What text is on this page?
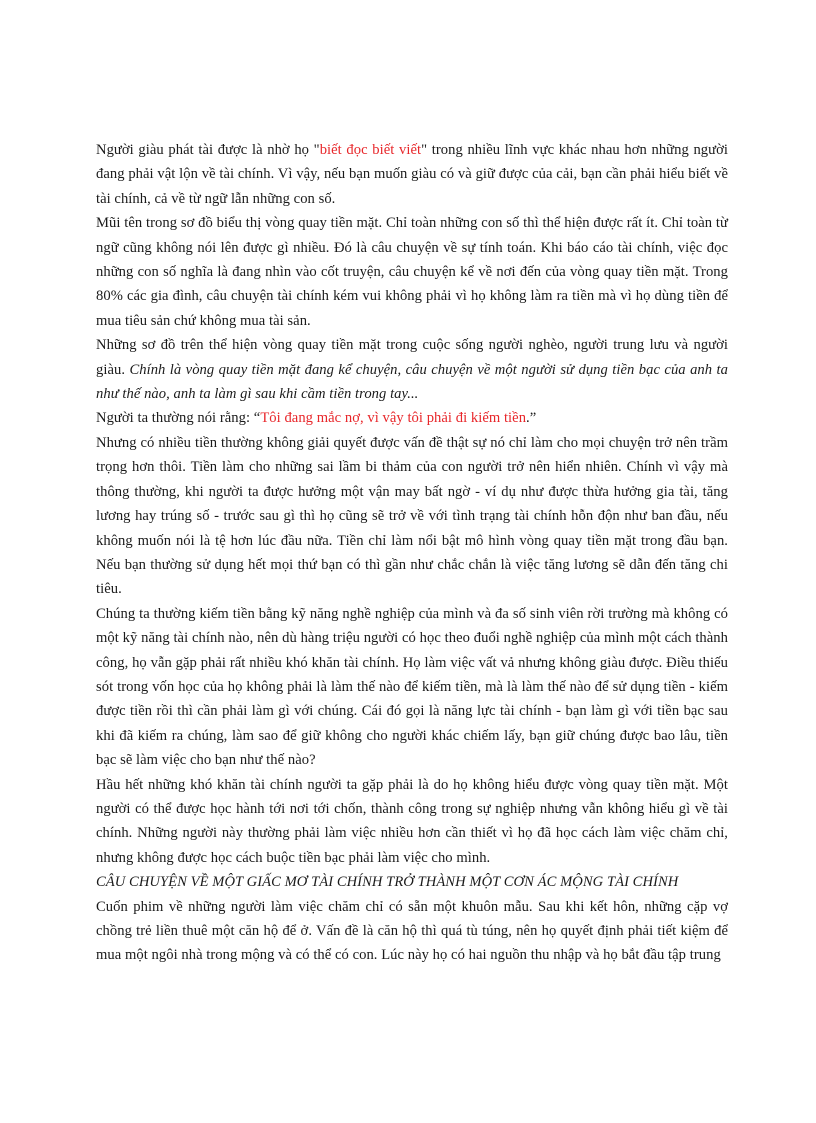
Người giàu phát tài được là nhờ họ "biết đọc biết viết" trong nhiều lĩnh vực khác nhau hơn những người đang phải vật lộn về tài chính. Vì vậy, nếu bạn muốn giàu có và giữ được của cải, bạn cần phải hiểu biết về tài chính, cả về từ ngữ lẫn những con số.

Mũi tên trong sơ đồ biểu thị vòng quay tiền mặt. Chỉ toàn những con số thì thể hiện được rất ít. Chỉ toàn từ ngữ cũng không nói lên được gì nhiều. Đó là câu chuyện về sự tính toán. Khi báo cáo tài chính, việc đọc những con số nghĩa là đang nhìn vào cốt truyện, câu chuyện kể về nơi đến của vòng quay tiền mặt. Trong 80% các gia đình, câu chuyện tài chính kém vui không phải vì họ không làm ra tiền mà vì họ dùng tiền để mua tiêu sản chứ không mua tài sản.

Những sơ đồ trên thể hiện vòng quay tiền mặt trong cuộc sống người nghèo, người trung lưu và người giàu. Chính là vòng quay tiền mặt đang kể chuyện, câu chuyện về một người sử dụng tiền bạc của anh ta như thế nào, anh ta làm gì sau khi cầm tiền trong tay...

Người ta thường nói rằng: “Tôi đang mắc nợ, vì vậy tôi phải đi kiếm tiền.”

Nhưng có nhiều tiền thường không giải quyết được vấn đề thật sự nó chỉ làm cho mọi chuyện trở nên trầm trọng hơn thôi. Tiền làm cho những sai lầm bi thảm của con người trở nên hiển nhiên. Chính vì vậy mà thông thường, khi người ta được hưởng một vận may bất ngờ - ví dụ như được thừa hưởng gia tài, tăng lương hay trúng số - trước sau gì thì họ cũng sẽ trở về với tình trạng tài chính hỗn độn như ban đầu, nếu không muốn nói là tệ hơn lúc đầu nữa. Tiền chỉ làm nổi bật mô hình vòng quay tiền mặt trong đầu bạn. Nếu bạn thường sử dụng hết mọi thứ bạn có thì gần như chắc chắn là việc tăng lương sẽ dẫn đến tăng chi tiêu.

Chúng ta thường kiếm tiền bằng kỹ năng nghề nghiệp của mình và đa số sinh viên rời trường mà không có một kỹ năng tài chính nào, nên dù hàng triệu người có học theo đuổi nghề nghiệp của mình một cách thành công, họ vẫn gặp phải rất nhiều khó khăn tài chính. Họ làm việc vất vả nhưng không giàu được. Điều thiếu sót trong vốn học của họ không phải là làm thế nào để kiếm tiền, mà là làm thế nào để sử dụng tiền - kiếm được tiền rồi thì cần phải làm gì với chúng. Cái đó gọi là năng lực tài chính - bạn làm gì với tiền bạc sau khi đã kiếm ra chúng, làm sao để giữ không cho người khác chiếm lấy, bạn giữ chúng được bao lâu, tiền bạc sẽ làm việc cho bạn như thế nào?

Hầu hết những khó khăn tài chính người ta gặp phải là do họ không hiểu được vòng quay tiền mặt. Một người có thể được học hành tới nơi tới chốn, thành công trong sự nghiệp nhưng vẫn không hiểu gì về tài chính. Những người này thường phải làm việc nhiều hơn cần thiết vì họ đã học cách làm việc chăm chỉ, nhưng không được học cách buộc tiền bạc phải làm việc cho mình.

CÂU CHUYỆN VỀ MỘT GIẤC MƠ TÀI CHÍNH TRỞ THÀNH MỘT CƠN ÁC MỘNG TÀI CHÍNH

Cuốn phim về những người làm việc chăm chỉ có sẵn một khuôn mẫu. Sau khi kết hôn, những cặp vợ chồng trẻ liền thuê một căn hộ để ở. Vấn đề là căn hộ thì quá tù túng, nên họ quyết định phải tiết kiệm để mua một ngôi nhà trong mộng và có thể có con. Lúc này họ có hai nguồn thu nhập và họ bắt đầu tập trung
